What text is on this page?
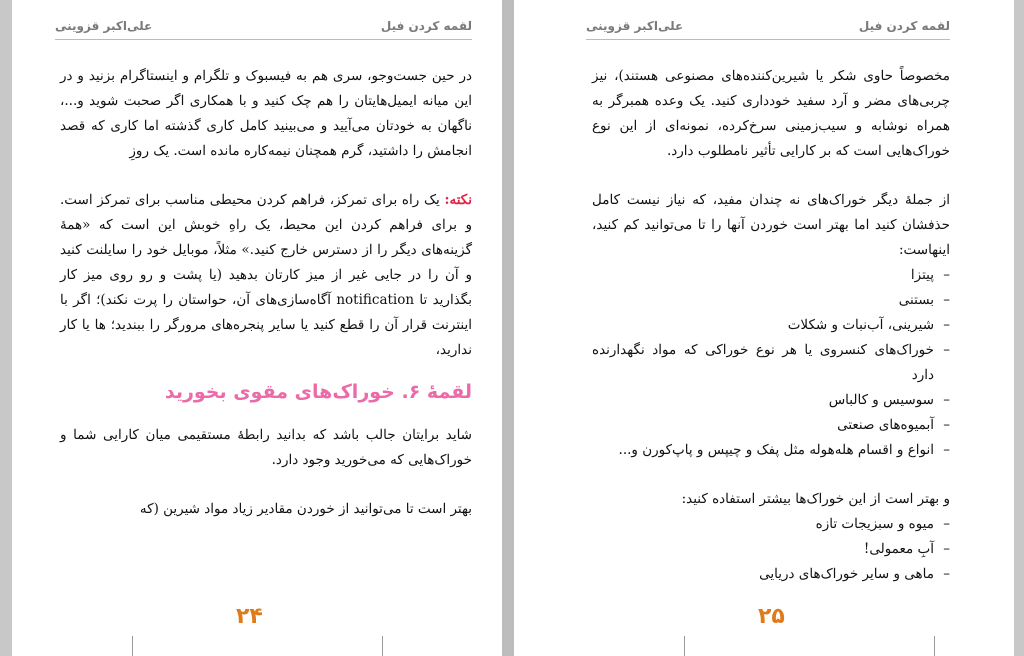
لقمه کردن فیل
علی‌اکبر قزوینی

در حین جست‌وجو، سری هم به فیسبوک و تلگرام و اینستاگرام بزنید و در این میانه ایمیل‌هایتان را هم چک کنید و با همکاری اگر صحبت شوید و...، ناگهان به خودتان می‌آیید و می‌بینید کامل کاری گذشته اما کاری که قصد انجامش را داشتید، گرم همچنان نیمه‌کاره مانده است. یک روزِ

نکته: یک راه برای تمرکز، فراهم کردن محیطی مناسب برای تمرکز است. و برای فراهم کردن این محیط، یک راهِ خوبش این است که «همهٔ گزینه‌های دیگر را از دسترس خارج کنید.» مثلاً، موبایل خود را سایلنت کنید و آن را در جایی غیر از میز کارتان بدهید (یا پشت و رو روی میز کار بگذارید تا notification آگاه‌سازی‌های آن، حواستان را پرت نکند)؛ اگر با اینترنت قرار آن را قطع کنید یا سایر پنجره‌های مرورگر را ببندید؛ ها یا کار ندارید،

لقمهٔ ۶. خوراک‌های مقوی بخورید

شاید برایتان جالب باشد که بدانید رابطهٔ مستقیمی میان کارایی شما و خوراک‌هایی که می‌خورید وجود دارد.

بهتر است تا می‌توانید از خوردن مقادیر زیاد مواد شیرین (که

۲۴
لقمه کردن فیل
علی‌اکبر قزوینی

مخصوصاً حاوی شکر یا شیرین‌کننده‌های مصنوعی هستند)، نیز چربی‌های مضر و آرد سفید خودداری کنید. یک وعده همبرگر به همراه نوشابه و سیب‌زمینی سرخ‌کرده، نمونه‌ای از این نوع خوراک‌هایی است که بر کارایی تأثیر نامطلوب دارد.

از جملهٔ دیگر خوراک‌های نه چندان مفید، که نیاز نیست کامل حذفشان کنید اما بهتر است خوردن آنها را تا می‌توانید کم کنید، اینهاست:

– پیتزا
– بستنی
– شیرینی، آب‌نبات و شکلات
– خوراک‌های کنسروی یا هر نوع خوراکی که مواد نگهدارنده دارد
– سوسیس و کالباس
– آبمیوه‌های صنعتی
– انواع و اقسام هله‌هوله مثل پفک و چیپس و پاپ‌کورن و...

و بهتر است از این خوراک‌ها بیشتر استفاده کنید:

– میوه و سبزیجات تازه
– آبِ معمولی!
– ماهی و سایر خوراک‌های دریایی
۲۵
